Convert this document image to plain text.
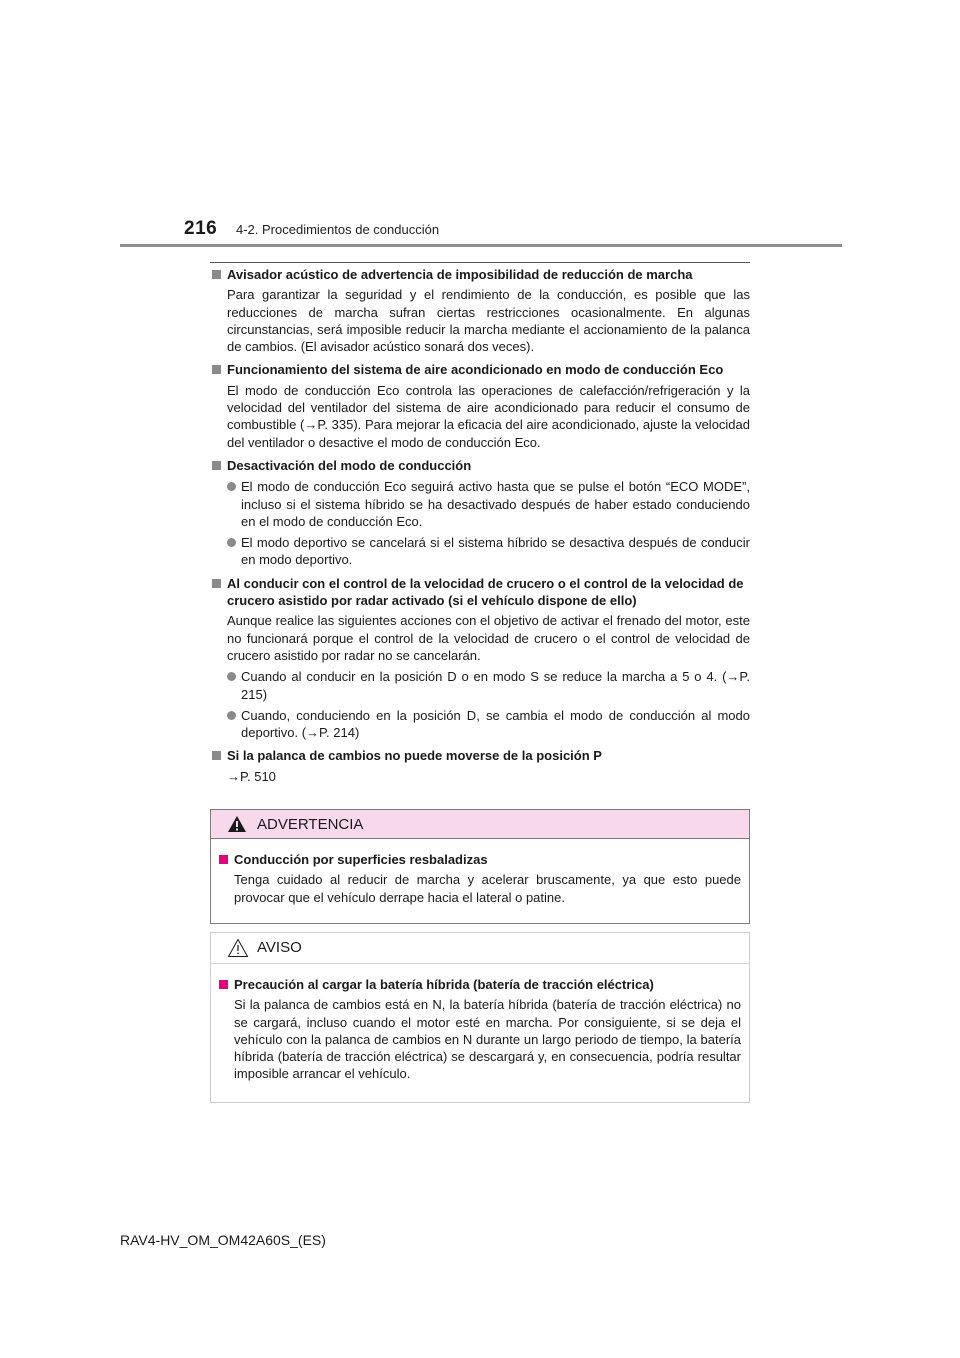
216 4-2. Procedimientos de conducción
Avisador acústico de advertencia de imposibilidad de reducción de marcha
Para garantizar la seguridad y el rendimiento de la conducción, es posible que las reducciones de marcha sufran ciertas restricciones ocasionalmente. En algunas circunstancias, será imposible reducir la marcha mediante el accionamiento de la palanca de cambios. (El avisador acústico sonará dos veces).
Funcionamiento del sistema de aire acondicionado en modo de conducción Eco
El modo de conducción Eco controla las operaciones de calefacción/refrigeración y la velocidad del ventilador del sistema de aire acondicionado para reducir el consumo de combustible (→P. 335). Para mejorar la eficacia del aire acondicionado, ajuste la velocidad del ventilador o desactive el modo de conducción Eco.
Desactivación del modo de conducción
El modo de conducción Eco seguirá activo hasta que se pulse el botón “ECO MODE”, incluso si el sistema híbrido se ha desactivado después de haber estado conduciendo en el modo de conducción Eco.
El modo deportivo se cancelará si el sistema híbrido se desactiva después de conducir en modo deportivo.
Al conducir con el control de la velocidad de crucero o el control de la velocidad de crucero asistido por radar activado (si el vehículo dispone de ello)
Aunque realice las siguientes acciones con el objetivo de activar el frenado del motor, este no funcionará porque el control de la velocidad de crucero o el control de velocidad de crucero asistido por radar no se cancelarán.
Cuando al conducir en la posición D o en modo S se reduce la marcha a 5 o 4. (→P. 215)
Cuando, conduciendo en la posición D, se cambia el modo de conducción al modo deportivo. (→P. 214)
Si la palanca de cambios no puede moverse de la posición P
→P. 510
ADVERTENCIA
Conducción por superficies resbaladizas
Tenga cuidado al reducir de marcha y acelerar bruscamente, ya que esto puede provocar que el vehículo derrape hacia el lateral o patine.
AVISO
Precaución al cargar la batería híbrida (batería de tracción eléctrica)
Si la palanca de cambios está en N, la batería híbrida (batería de tracción eléctrica) no se cargará, incluso cuando el motor esté en marcha. Por consiguiente, si se deja el vehículo con la palanca de cambios en N durante un largo periodo de tiempo, la batería híbrida (batería de tracción eléctrica) se descargará y, en consecuencia, podría resultar imposible arrancar el vehículo.
RAV4-HV_OM_OM42A60S_(ES)
